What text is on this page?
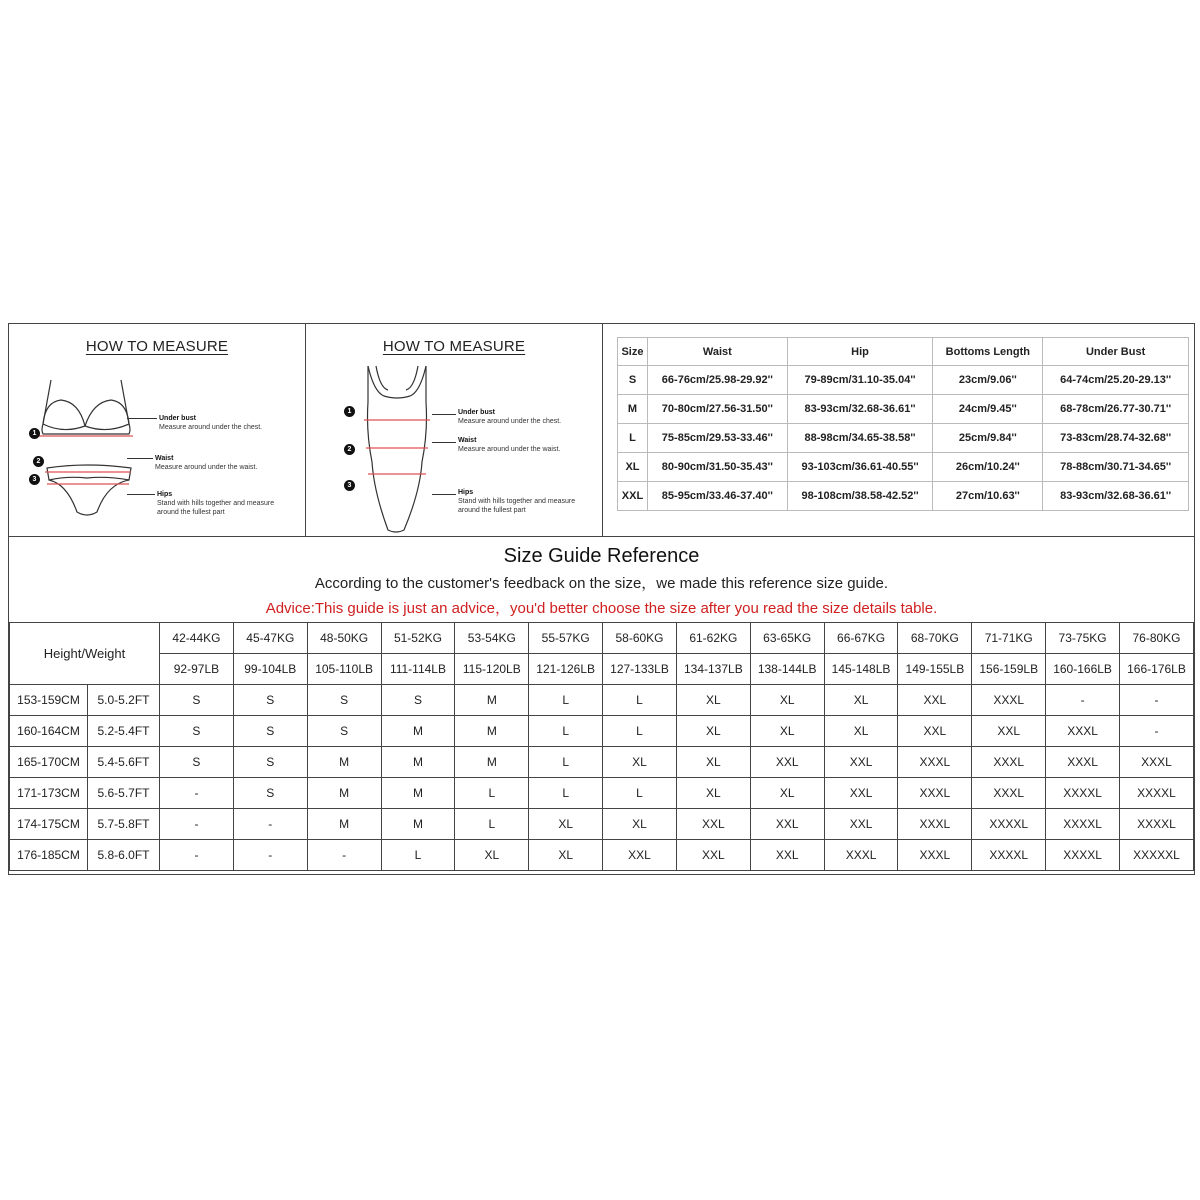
HOW TO MEASURE
1
2
3
Under bust
Measure around under the chest.
Waist
Measure around under the waist.
Hips
Stand with hills together and measure
around the fullest part
HOW TO MEASURE
1
2
3
Under bust
Measure around under the chest.
Waist
Measure around under the waist.
Hips
Stand with hills together and measure
around the fullest part
Size	Waist	Hip	Bottoms Length	Under Bust
S	66-76cm/25.98-29.92''	79-89cm/31.10-35.04''	23cm/9.06''	64-74cm/25.20-29.13''
M	70-80cm/27.56-31.50''	83-93cm/32.68-36.61''	24cm/9.45''	68-78cm/26.77-30.71''
L	75-85cm/29.53-33.46''	88-98cm/34.65-38.58''	25cm/9.84''	73-83cm/28.74-32.68''
XL	80-90cm/31.50-35.43''	93-103cm/36.61-40.55''	26cm/10.24''	78-88cm/30.71-34.65''
XXL	85-95cm/33.46-37.40''	98-108cm/38.58-42.52''	27cm/10.63''	83-93cm/32.68-36.61''
Size Guide Reference
According to the customer's feedback on the size，we made this reference size guide.
Advice:This guide is just an advice，you'd better choose the size after you read the size details table.
Height/Weight		42-44KG	45-47KG	48-50KG	51-52KG	53-54KG	55-57KG	58-60KG	61-62KG	63-65KG	66-67KG	68-70KG	71-71KG	73-75KG	76-80KG
		92-97LB	99-104LB	105-110LB	111-114LB	115-120LB	121-126LB	127-133LB	134-137LB	138-144LB	145-148LB	149-155LB	156-159LB	160-166LB	166-176LB
153-159CM	5.0-5.2FT	S	S	S	S	M	L	L	XL	XL	XL	XXL	XXXL	-	-
160-164CM	5.2-5.4FT	S	S	S	M	M	L	L	XL	XL	XL	XXL	XXL	XXXL	-
165-170CM	5.4-5.6FT	S	S	M	M	M	L	XL	XL	XXL	XXL	XXXL	XXXL	XXXL	XXXL
171-173CM	5.6-5.7FT	-	S	M	M	L	L	L	XL	XL	XXL	XXXL	XXXL	XXXXL	XXXXL
174-175CM	5.7-5.8FT	-	-	M	M	L	XL	XL	XXL	XXL	XXL	XXXL	XXXXL	XXXXL	XXXXL
176-185CM	5.8-6.0FT	-	-	-	L	XL	XL	XXL	XXL	XXL	XXXL	XXXL	XXXXL	XXXXL	XXXXXL
